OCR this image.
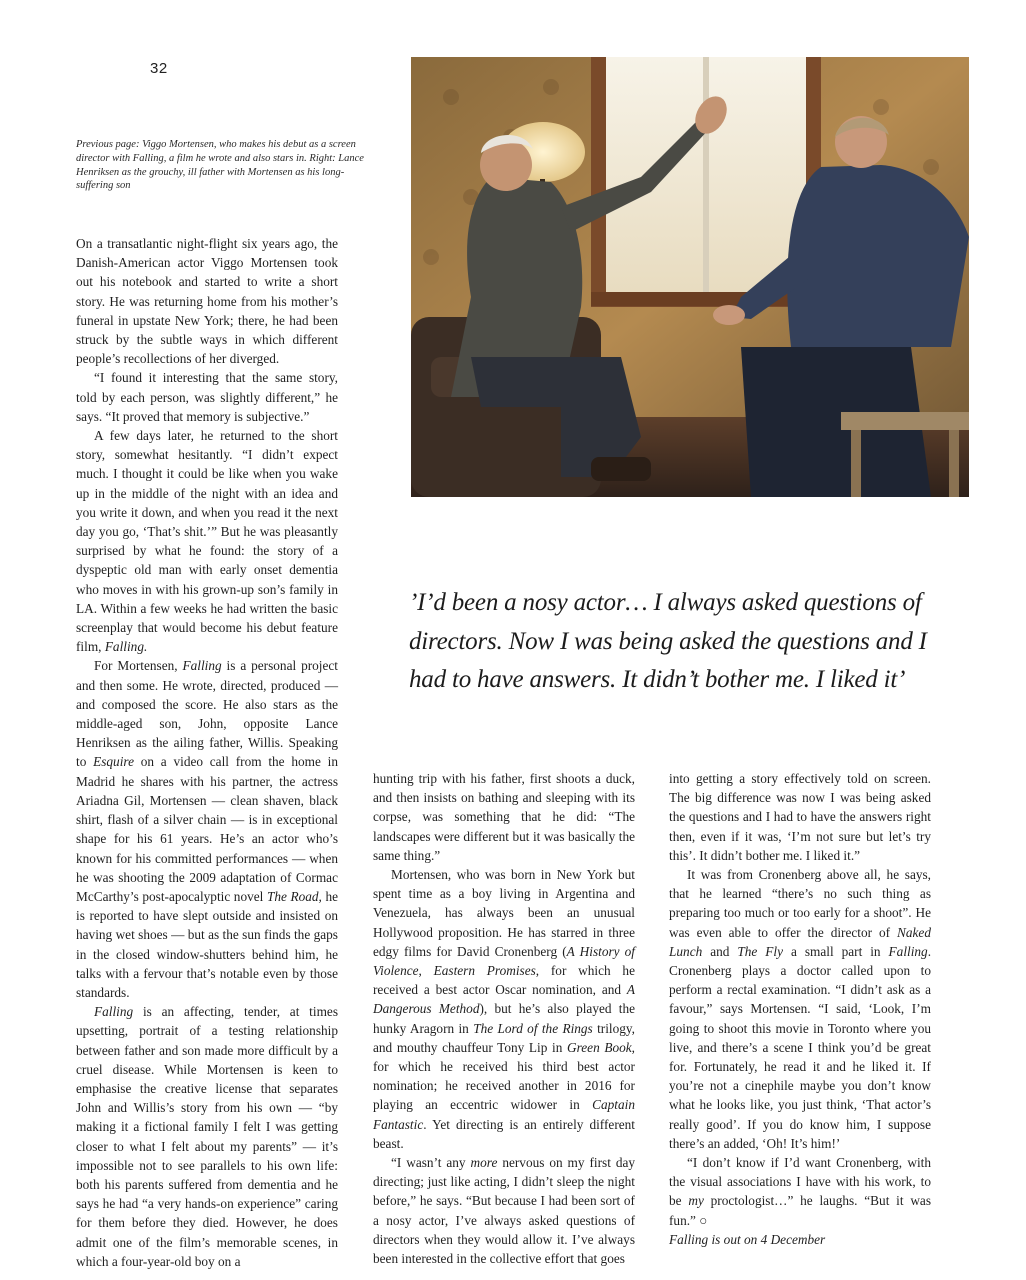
32

Previous page: Viggo Mortensen, who makes his debut as a screen director with Falling, a film he wrote and also stars in. Right: Lance Henriksen as the grouchy, ill father with Mortensen as his long-suffering son

’I’d been a nosy actor… I always asked questions of directors. Now I was being asked the questions and I had to have answers. It didn’t bother me. I liked it’

On a transatlantic night-flight six years ago, the Danish-American actor Viggo Mortensen took out his notebook and started to write a short story. He was returning home from his mother’s funeral in upstate New York; there, he had been struck by the subtle ways in which different people’s recollections of her diverged.

“I found it interesting that the same story, told by each person, was slightly different,” he says. “It proved that memory is subjective.”

A few days later, he returned to the short story, somewhat hesitantly. “I didn’t expect much. I thought it could be like when you wake up in the middle of the night with an idea and you write it down, and when you read it the next day you go, ‘That’s shit.’” But he was pleasantly surprised by what he found: the story of a dyspeptic old man with early onset dementia who moves in with his grown-up son’s family in LA. Within a few weeks he had written the basic screenplay that would become his debut feature film, Falling.

For Mortensen, Falling is a personal project and then some. He wrote, directed, produced — and composed the score. He also stars as the middle-aged son, John, opposite Lance Henriksen as the ailing father, Willis. Speaking to Esquire on a video call from the home in Madrid he shares with his partner, the actress Ariadna Gil, Mortensen — clean shaven, black shirt, flash of a silver chain — is in exceptional shape for his 61 years. He’s an actor who’s known for his committed performances — when he was shooting the 2009 adaptation of Cormac McCarthy’s post-apocalyptic novel The Road, he is reported to have slept outside and insisted on having wet shoes — but as the sun finds the gaps in the closed window-shutters behind him, he talks with a fervour that’s notable even by those standards.

Falling is an affecting, tender, at times upsetting, portrait of a testing relationship between father and son made more difficult by a cruel disease. While Mortensen is keen to emphasise the creative license that separates John and Willis’s story from his own — “by making it a fictional family I felt I was getting closer to what I felt about my parents” — it’s impossible not to see parallels to his own life: both his parents suffered from dementia and he says he had “a very hands-on experience” caring for them before they died. However, he does admit one of the film’s memorable scenes, in which a four-year-old boy on a

hunting trip with his father, first shoots a duck, and then insists on bathing and sleeping with its corpse, was something that he did: “The landscapes were different but it was basically the same thing.”

Mortensen, who was born in New York but spent time as a boy living in Argentina and Venezuela, has always been an unusual Hollywood proposition. He has starred in three edgy films for David Cronenberg (A History of Violence, Eastern Promises, for which he received a best actor Oscar nomination, and A Dangerous Method), but he’s also played the hunky Aragorn in The Lord of the Rings trilogy, and mouthy chauffeur Tony Lip in Green Book, for which he received his third best actor nomination; he received another in 2016 for playing an eccentric widower in Captain Fantastic. Yet directing is an entirely different beast.

“I wasn’t any more nervous on my first day directing; just like acting, I didn’t sleep the night before,” he says. “But because I had been sort of a nosy actor, I’ve always asked questions of directors when they would allow it. I’ve always been interested in the collective effort that goes

into getting a story effectively told on screen. The big difference was now I was being asked the questions and I had to have the answers right then, even if it was, ‘I’m not sure but let’s try this’. It didn’t bother me. I liked it.”

It was from Cronenberg above all, he says, that he learned “there’s no such thing as preparing too much or too early for a shoot”. He was even able to offer the director of Naked Lunch and The Fly a small part in Falling. Cronenberg plays a doctor called upon to perform a rectal examination. “I didn’t ask as a favour,” says Mortensen. “I said, ‘Look, I’m going to shoot this movie in Toronto where you live, and there’s a scene I think you’d be great for. Fortunately, he read it and he liked it. If you’re not a cinephile maybe you don’t know what he looks like, you just think, ‘That actor’s really good’. If you do know him, I suppose there’s an added, ‘Oh! It’s him!’

“I don’t know if I’d want Cronenberg, with the visual associations I have with his work, to be my proctologist…” he laughs. “But it was fun.” ○

Falling is out on 4 December
